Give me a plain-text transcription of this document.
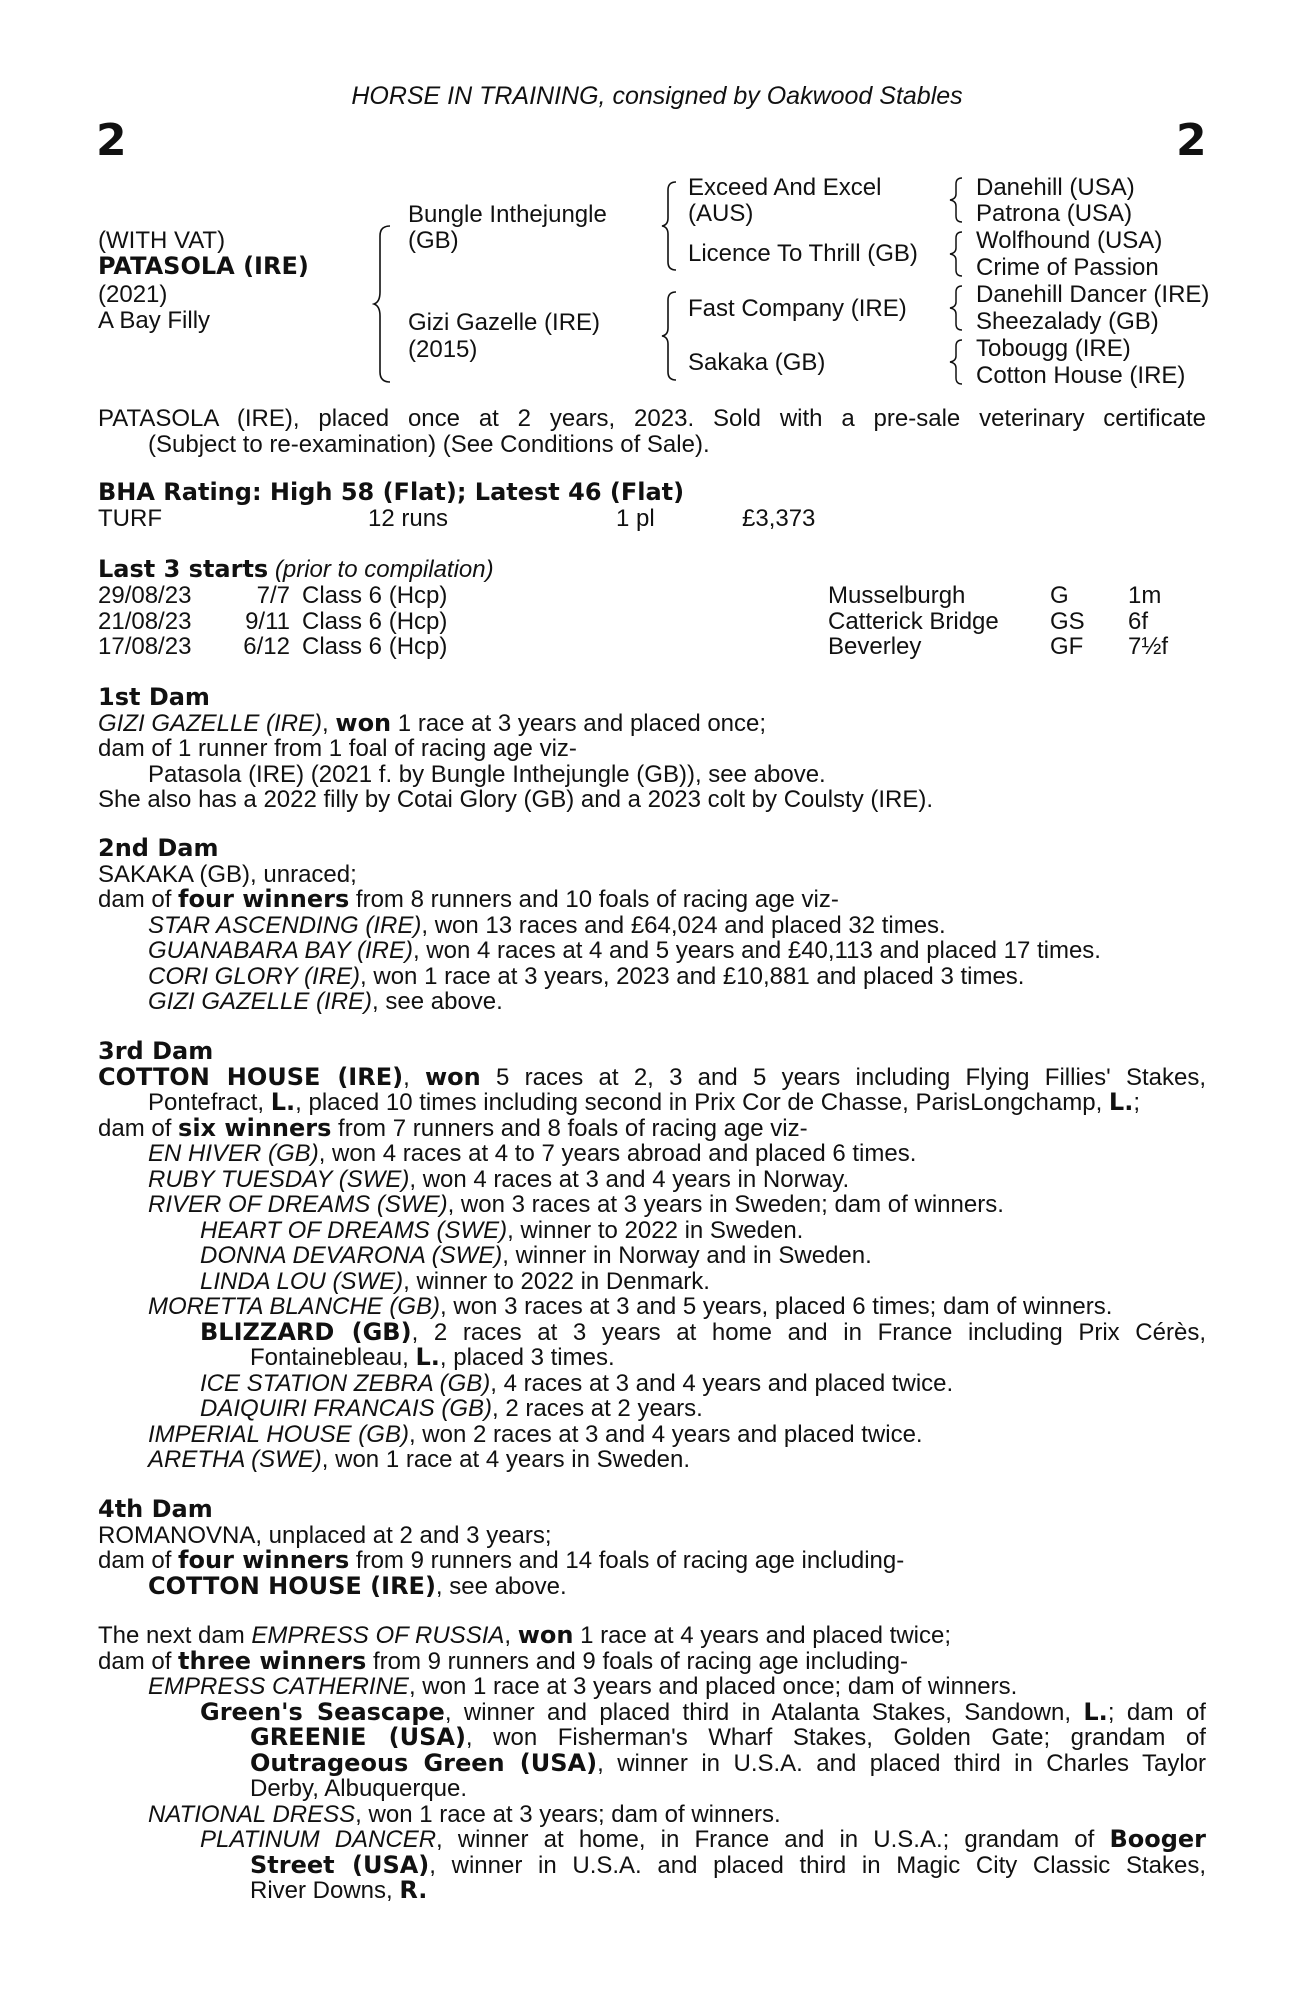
HORSE IN TRAINING, consigned by Oakwood Stables
2	2
(WITH VAT)
PATASOLA (IRE)
(2021)
A Bay Filly
Bungle Inthejungle
(GB)
Gizi Gazelle (IRE)
(2015)
Exceed And Excel
(AUS)
Licence To Thrill (GB)
Fast Company (IRE)
Sakaka (GB)
Danehill (USA)
Patrona (USA)
Wolfhound (USA)
Crime of Passion
Danehill Dancer (IRE)
Sheezalady (GB)
Tobougg (IRE)
Cotton House (IRE)
PATASOLA (IRE), placed once at 2 years, 2023. Sold with a pre-sale veterinary certificate
(Subject to re-examination) (See Conditions of Sale).
BHA Rating: High 58 (Flat); Latest 46 (Flat)
TURF	12 runs	1 pl	£3,373
Last 3 starts (prior to compilation)
29/08/23	7/7 Class 6 (Hcp)	Musselburgh	G	1m
21/08/23	9/11 Class 6 (Hcp)	Catterick Bridge	GS	6f
17/08/23	6/12 Class 6 (Hcp)	Beverley	GF	7½f
1st Dam
GIZI GAZELLE (IRE), won 1 race at 3 years and placed once;
dam of 1 runner from 1 foal of racing age viz-
Patasola (IRE) (2021 f. by Bungle Inthejungle (GB)), see above.
She also has a 2022 filly by Cotai Glory (GB) and a 2023 colt by Coulsty (IRE).
2nd Dam
SAKAKA (GB), unraced;
dam of four winners from 8 runners and 10 foals of racing age viz-
STAR ASCENDING (IRE), won 13 races and £64,024 and placed 32 times.
GUANABARA BAY (IRE), won 4 races at 4 and 5 years and £40,113 and placed 17 times.
CORI GLORY (IRE), won 1 race at 3 years, 2023 and £10,881 and placed 3 times.
GIZI GAZELLE (IRE), see above.
3rd Dam
COTTON HOUSE (IRE), won 5 races at 2, 3 and 5 years including Flying Fillies' Stakes,
Pontefract, L., placed 10 times including second in Prix Cor de Chasse, ParisLongchamp, L.;
dam of six winners from 7 runners and 8 foals of racing age viz-
EN HIVER (GB), won 4 races at 4 to 7 years abroad and placed 6 times.
RUBY TUESDAY (SWE), won 4 races at 3 and 4 years in Norway.
RIVER OF DREAMS (SWE), won 3 races at 3 years in Sweden; dam of winners.
HEART OF DREAMS (SWE), winner to 2022 in Sweden.
DONNA DEVARONA (SWE), winner in Norway and in Sweden.
LINDA LOU (SWE), winner to 2022 in Denmark.
MORETTA BLANCHE (GB), won 3 races at 3 and 5 years, placed 6 times; dam of winners.
BLIZZARD (GB), 2 races at 3 years at home and in France including Prix Cérès,
Fontainebleau, L., placed 3 times.
ICE STATION ZEBRA (GB), 4 races at 3 and 4 years and placed twice.
DAIQUIRI FRANCAIS (GB), 2 races at 2 years.
IMPERIAL HOUSE (GB), won 2 races at 3 and 4 years and placed twice.
ARETHA (SWE), won 1 race at 4 years in Sweden.
4th Dam
ROMANOVNA, unplaced at 2 and 3 years;
dam of four winners from 9 runners and 14 foals of racing age including-
COTTON HOUSE (IRE), see above.
The next dam EMPRESS OF RUSSIA, won 1 race at 4 years and placed twice;
dam of three winners from 9 runners and 9 foals of racing age including-
EMPRESS CATHERINE, won 1 race at 3 years and placed once; dam of winners.
Green's Seascape, winner and placed third in Atalanta Stakes, Sandown, L.; dam of
GREENIE (USA), won Fisherman's Wharf Stakes, Golden Gate; grandam of
Outrageous Green (USA), winner in U.S.A. and placed third in Charles Taylor
Derby, Albuquerque.
NATIONAL DRESS, won 1 race at 3 years; dam of winners.
PLATINUM DANCER, winner at home, in France and in U.S.A.; grandam of Booger
Street (USA), winner in U.S.A. and placed third in Magic City Classic Stakes,
River Downs, R.
